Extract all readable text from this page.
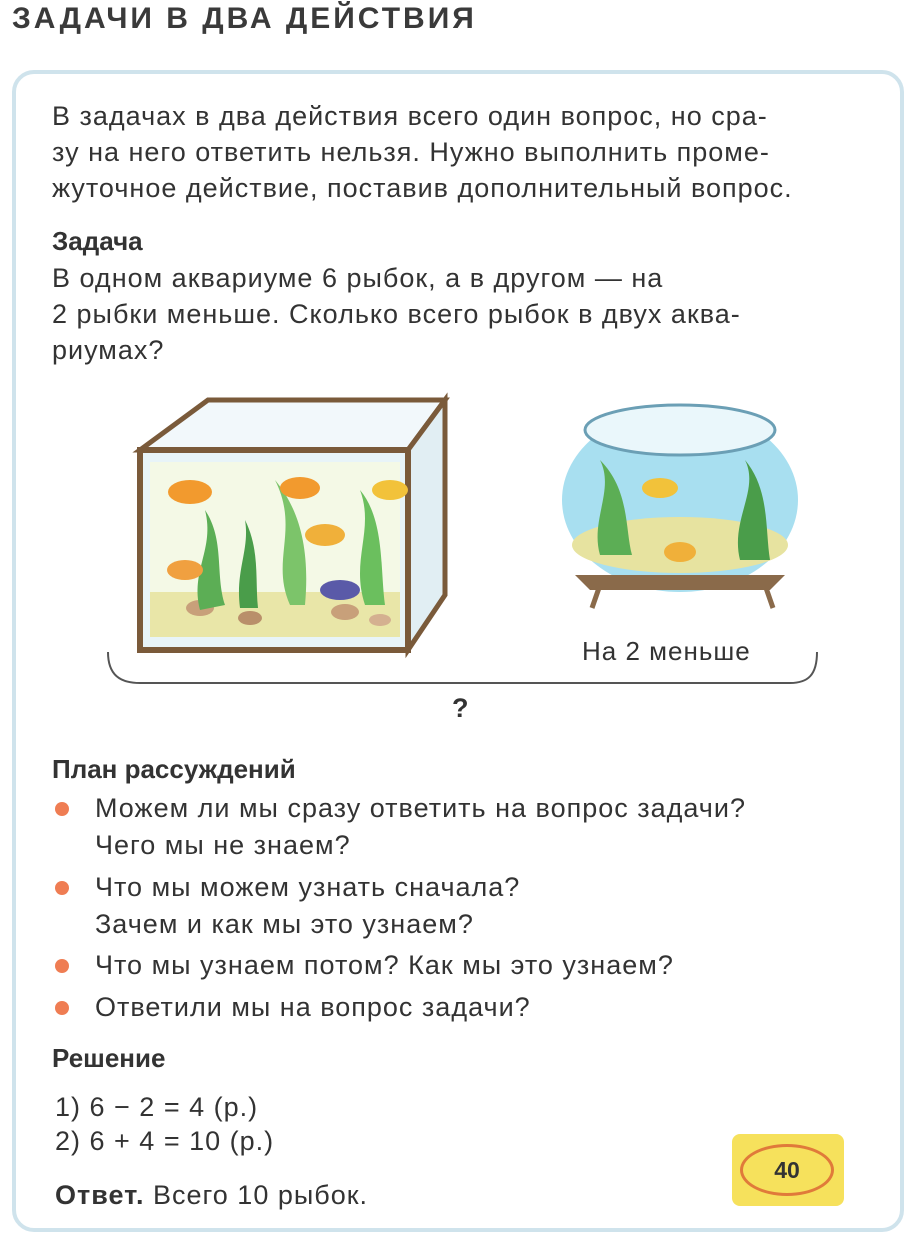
ЗАДАЧИ В ДВА ДЕЙСТВИЯ
В задачах в два действия всего один вопрос, но сра-
зу на него ответить нельзя. Нужно выполнить проме-
жуточное действие, поставив дополнительный вопрос.
Задача
В одном аквариуме 6 рыбок, а в другом — на
2 рыбки меньше. Сколько всего рыбок в двух аква-
риумах?
На 2 меньше
?
План рассуждений
Можем ли мы сразу ответить на вопрос задачи?
Чего мы не знаем?
Что мы можем узнать сначала?
Зачем и как мы это узнаем?
Что мы узнаем потом? Как мы это узнаем?
Ответили мы на вопрос задачи?
Решение
1) 6 − 2 = 4 (р.)
2) 6 + 4 = 10 (р.)
Ответ. Всего 10 рыбок.
40
